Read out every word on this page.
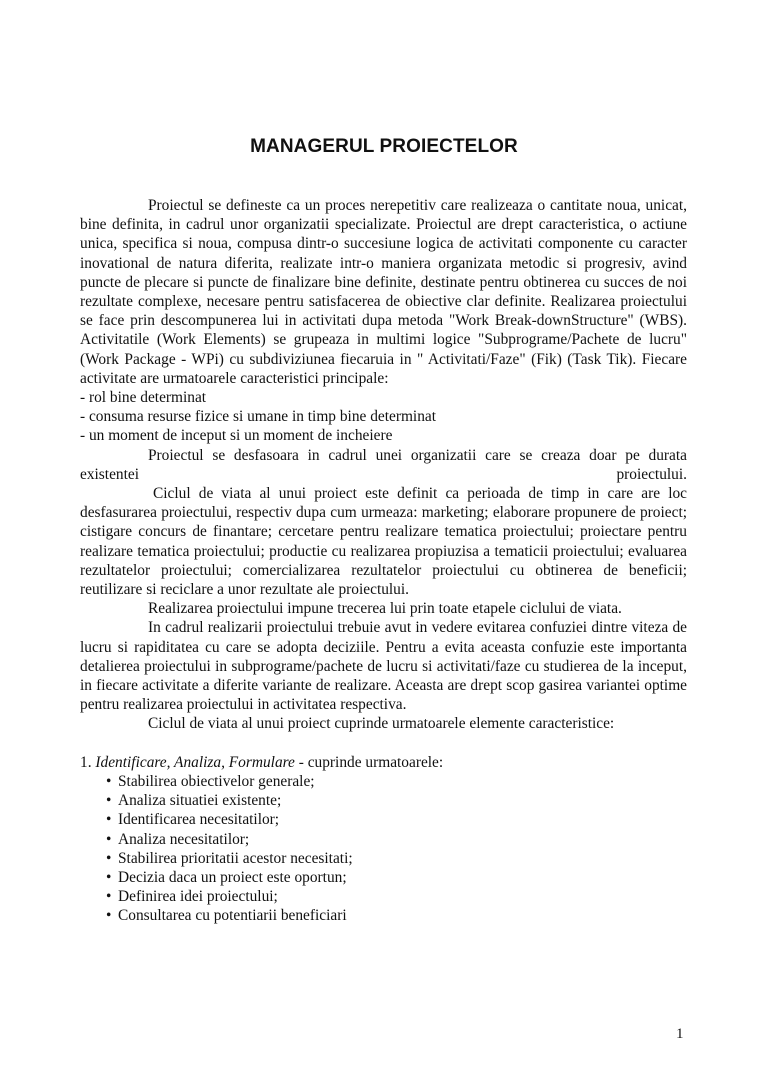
MANAGERUL PROIECTELOR

Proiectul se defineste ca un proces nerepetitiv care realizeaza o cantitate noua, unicat, bine definita, in cadrul unor organizatii specializate. Proiectul are drept caracteristica, o actiune unica, specifica si noua, compusa dintr-o succesiune logica de activitati componente cu caracter inovational de natura diferita, realizate intr-o maniera organizata metodic si progresiv, avind puncte de plecare si puncte de finalizare bine definite, destinate pentru obtinerea cu succes de noi rezultate complexe, necesare pentru satisfacerea de obiective clar definite. Realizarea proiectului se face prin descompunerea lui in activitati dupa metoda "Work Break-downStructure" (WBS). Activitatile (Work Elements) se grupeaza in multimi logice "Subprograme/Pachete de lucru" (Work Package - WPi) cu subdiviziunea fiecaruia in " Activitati/Faze" (Fik) (Task Tik). Fiecare activitate are urmatoarele caracteristici principale:

- rol bine determinat
- consuma resurse fizice si umane in timp bine determinat
- un moment de inceput si un moment de incheiere

Proiectul se desfasoara in cadrul unei organizatii care se creaza doar pe durata existentei proiectului.

Ciclul de viata al unui proiect este definit ca perioada de timp in care are loc desfasurarea proiectului, respectiv dupa cum urmeaza: marketing; elaborare propunere de proiect; cistigare concurs de finantare; cercetare pentru realizare tematica proiectului; proiectare pentru realizare tematica proiectului; productie cu realizarea propiuzisa a tematicii proiectului; evaluarea rezultatelor proiectului; comercializarea rezultatelor proiectului cu obtinerea de beneficii; reutilizare si reciclare a unor rezultate ale proiectului.

Realizarea proiectului impune trecerea lui prin toate etapele ciclului de viata.

In cadrul realizarii proiectului trebuie avut in vedere evitarea confuziei dintre viteza de lucru si rapiditatea cu care se adopta deciziile. Pentru a evita aceasta confuzie este importanta detalierea proiectului in subprograme/pachete de lucru si activitati/faze cu studierea de la inceput, in fiecare activitate a diferite variante de realizare. Aceasta are drept scop gasirea variantei optime pentru realizarea proiectului in activitatea respectiva.

Ciclul de viata al unui proiect cuprinde urmatoarele elemente caracteristice:

1. Identificare, Analiza, Formulare - cuprinde urmatoarele:

• Stabilirea obiectivelor generale;
• Analiza situatiei existente;
• Identificarea necesitatilor;
• Analiza necesitatilor;
• Stabilirea prioritatii acestor necesitati;
• Decizia daca un proiect este oportun;
• Definirea idei proiectului;
• Consultarea cu potentiarii beneficiari
1
